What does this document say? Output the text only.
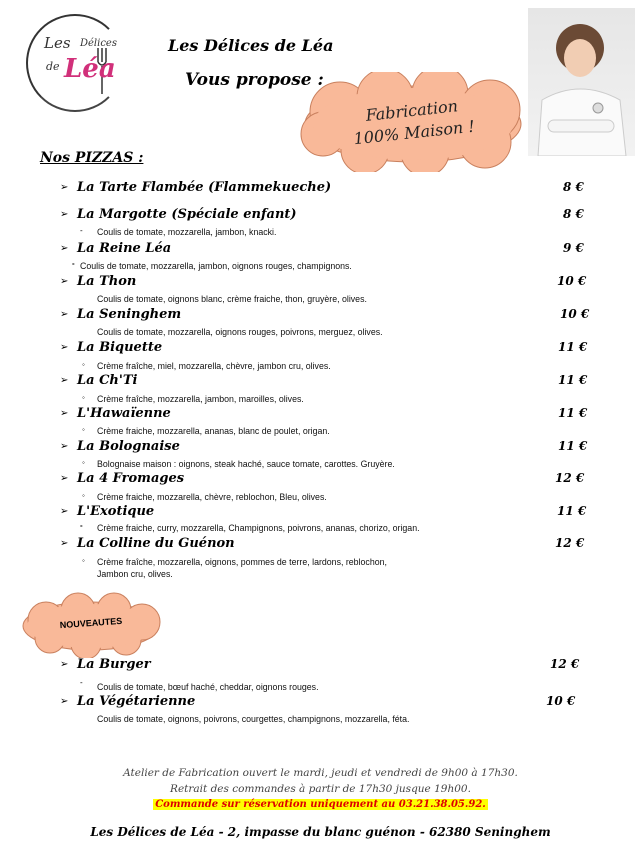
Les Délices
de Léa
Les Délices de Léa
Vous propose :
Fabrication
100% Maison !
Nos PIZZAS :
➢ La Tarte Flambée (Flammekueche)	8 €
➢ La Margotte (Spéciale enfant)	8 €
- Coulis de tomate, mozzarella, jambon, knacki.
➢ La Reine Léa	9 €
- Coulis de tomate, mozzarella, jambon, oignons rouges, champignons.
➢ La Thon	10 €
Coulis de tomate, oignons blanc, crème fraiche, thon, gruyère, olives.
➢ La Seninghem	10 €
Coulis de tomate, mozzarella, oignons rouges, poivrons, merguez, olives.
➢ La Biquette	11 €
◦ Crème fraîche, miel, mozzarella, chèvre, jambon cru, olives.
➢ La Ch'Ti	11 €
◦ Crème fraîche, mozzarella, jambon, maroilles, olives.
➢ L'Hawaïenne	11 €
◦ Crème fraiche, mozzarella, ananas, blanc de poulet, origan.
➢ La Bolognaise	11 €
◦ Bolognaise maison : oignons, steak haché, sauce tomate, carottes. Gruyère.
➢ La 4 Fromages	12 €
◦ Crème fraiche, mozzarella, chèvre, reblochon, Bleu, olives.
➢ L'Exotique	11 €
- Crème fraiche, curry, mozzarella, Champignons, poivrons, ananas, chorizo, origan.
➢ La Colline du Guénon	12 €
◦ Crème fraîche, mozzarella, oignons, pommes de terre, lardons, reblochon,
Jambon cru, olives.
NOUVEAUTES
➢ La Burger	12 €
- Coulis de tomate, bœuf haché, cheddar, oignons rouges.
➢ La Végétarienne	10 €
Coulis de tomate, oignons, poivrons, courgettes, champignons, mozzarella, féta.
Atelier de Fabrication ouvert le mardi, jeudi et vendredi de 9h00 à 17h30.
Retrait des commandes à partir de 17h30 jusque 19h00.
Commande sur réservation uniquement au 03.21.38.05.92.
Les Délices de Léa - 2, impasse du blanc guénon - 62380 Seninghem
